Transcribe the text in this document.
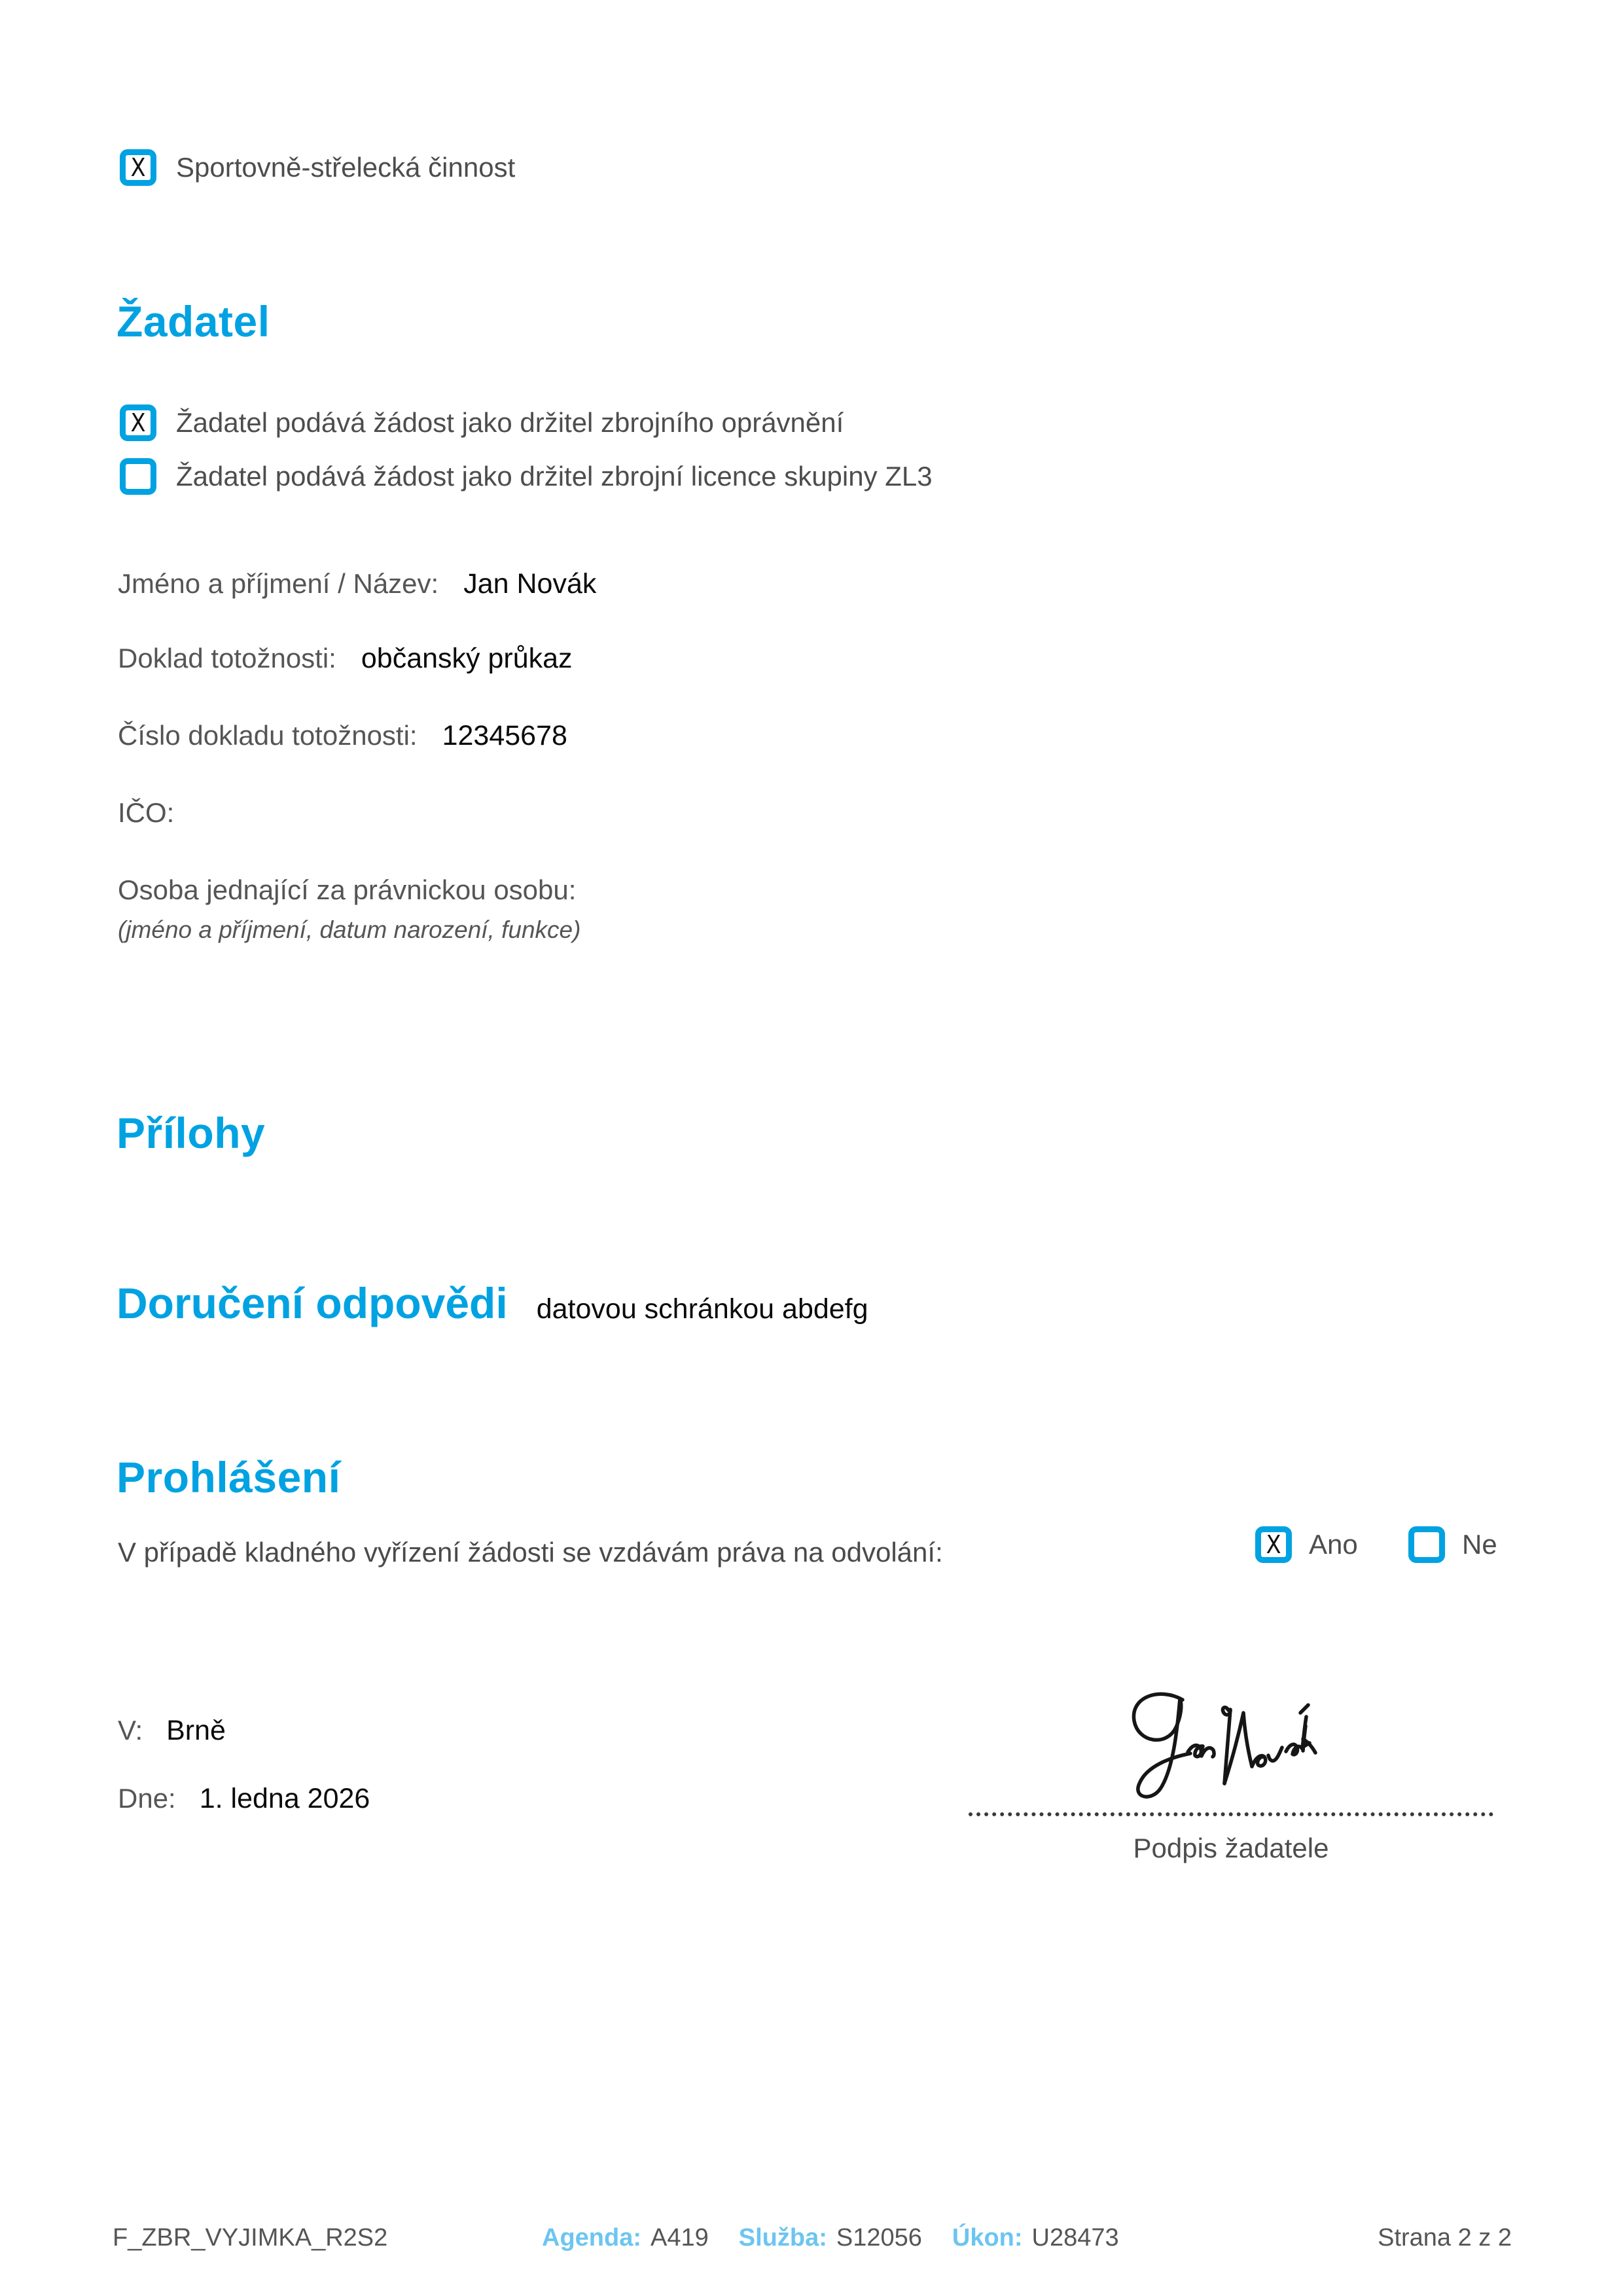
X Sportovně-střelecká činnost
Žadatel
X Žadatel podává žádost jako držitel zbrojního oprávnění
Žadatel podává žádost jako držitel zbrojní licence skupiny ZL3
Jméno a příjmení / Název: Jan Novák
Doklad totožnosti: občanský průkaz
Číslo dokladu totožnosti: 12345678
IČO:
Osoba jednající za právnickou osobu:
(jméno a příjmení, datum narození, funkce)
Přílohy
Doručení odpovědi datovou schránkou abdefg
Prohlášení
V případě kladného vyřízení žádosti se vzdávám práva na odvolání:	X Ano	Ne
V: Brně
Dne: 1. ledna 2026
Podpis žadatele
F_ZBR_VYJIMKA_R2S2	Agenda: A419 Služba: S12056 Úkon: U28473	Strana 2 z 2
